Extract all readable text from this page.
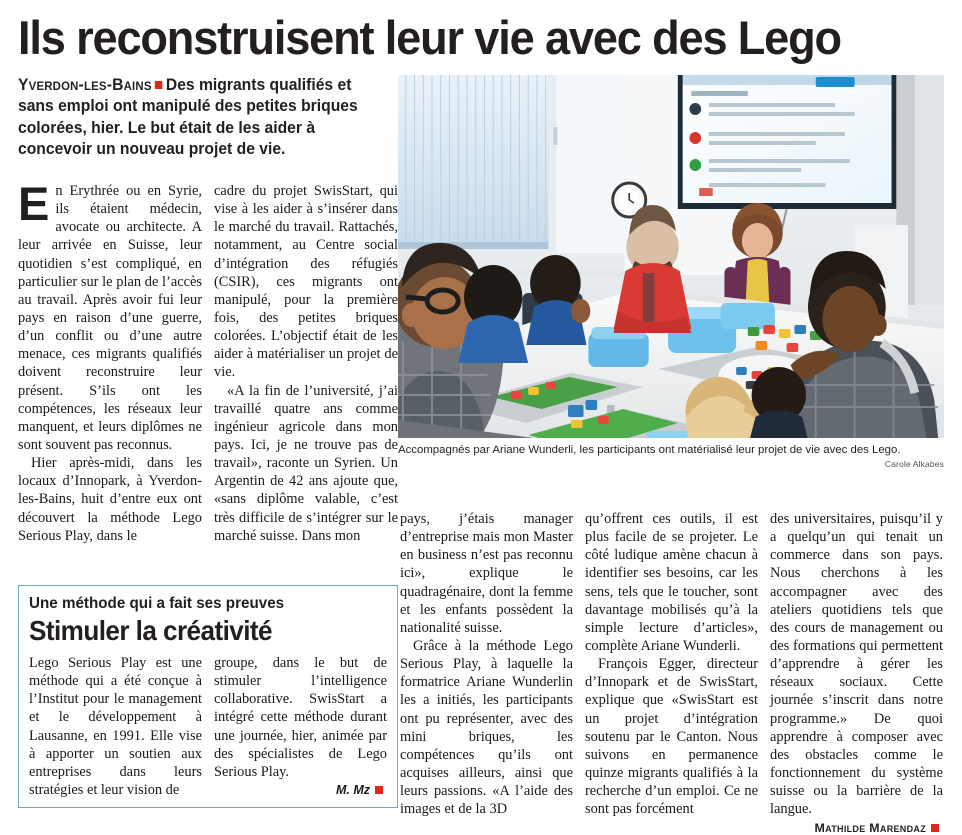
Ils reconstruisent leur vie avec des Lego
Yverdon-les-Bains Des migrants qualifiés et sans emploi ont manipulé des petites briques colorées, hier. Le but était de les aider à concevoir un nouveau projet de vie.
Accompagnés par Ariane Wunderli, les participants ont matérialisé leur projet de vie avec des Lego.
Carole Alkabes

En Erythrée ou en Syrie, ils étaient médecin, avocate ou architecte. A leur arrivée en Suisse, leur quotidien s’est compliqué, en particulier sur le plan de l’accès au travail. Après avoir fui leur pays en raison d’une guerre, d’un conflit ou d’une autre menace, ces migrants qualifiés doivent reconstruire leur présent. S’ils ont les compétences, les réseaux leur manquent, et leurs diplômes ne sont souvent pas reconnus.

Hier après-midi, dans les locaux d’Innopark, à Yverdon-les-Bains, huit d’entre eux ont découvert la méthode Lego Serious Play, dans le

cadre du projet SwisStart, qui vise à les aider à s’insérer dans le marché du travail. Rattachés, notamment, au Centre social d’intégration des réfugiés (CSIR), ces migrants ont manipulé, pour la première fois, des petites briques colorées. L’objectif était de les aider à matérialiser un projet de vie.

«A la fin de l’université, j’ai travaillé quatre ans comme ingénieur agricole dans mon pays. Ici, je ne trouve pas de travail», raconte un Syrien. Un Argentin de 42 ans ajoute que, «sans diplôme valable, c’est très difficile de s’intégrer sur le marché suisse. Dans mon

Une méthode qui a fait ses preuves
Stimuler la créativité

Lego Serious Play est une méthode qui a été conçue à l’Institut pour le management et le développement à Lausanne, en 1991. Elle vise à apporter un soutien aux entreprises dans leurs stratégies et leur vision de

groupe, dans le but de stimuler l’intelligence collaborative. SwisStart a intégré cette méthode durant une journée, hier, animée par des spécialistes de Lego Serious Play.

M. Mz

pays, j’étais manager d’entreprise mais mon Master en business n’est pas reconnu ici», explique le quadragénaire, dont la femme et les enfants possèdent la nationalité suisse.

Grâce à la méthode Lego Serious Play, à laquelle la formatrice Ariane Wunderlin les a initiés, les participants ont pu représenter, avec des mini briques, les compétences qu’ils ont acquises ailleurs, ainsi que leurs passions. «A l’aide des images et de la 3D

qu’offrent ces outils, il est plus facile de se projeter. Le côté ludique amène chacun à identifier ses besoins, car les sens, tels que le toucher, sont davantage mobilisés qu’à la simple lecture d’articles», complète Ariane Wunderli.

François Egger, directeur d’Innopark et de SwisStart, explique que «SwisStart est un projet d’intégration soutenu par le Canton. Nous suivons en permanence quinze migrants qualifiés à la recherche d’un emploi. Ce ne sont pas forcément

des universitaires, puisqu’il y a quelqu’un qui tenait un commerce dans son pays. Nous cherchons à les accompagner avec des ateliers quotidiens tels que des cours de management ou des formations qui permettent d’apprendre à gérer les réseaux sociaux. Cette journée s’inscrit dans notre programme.» De quoi apprendre à composer avec des obstacles comme le fonctionnement du système suisse ou la barrière de la langue.

Mathilde Marendaz
